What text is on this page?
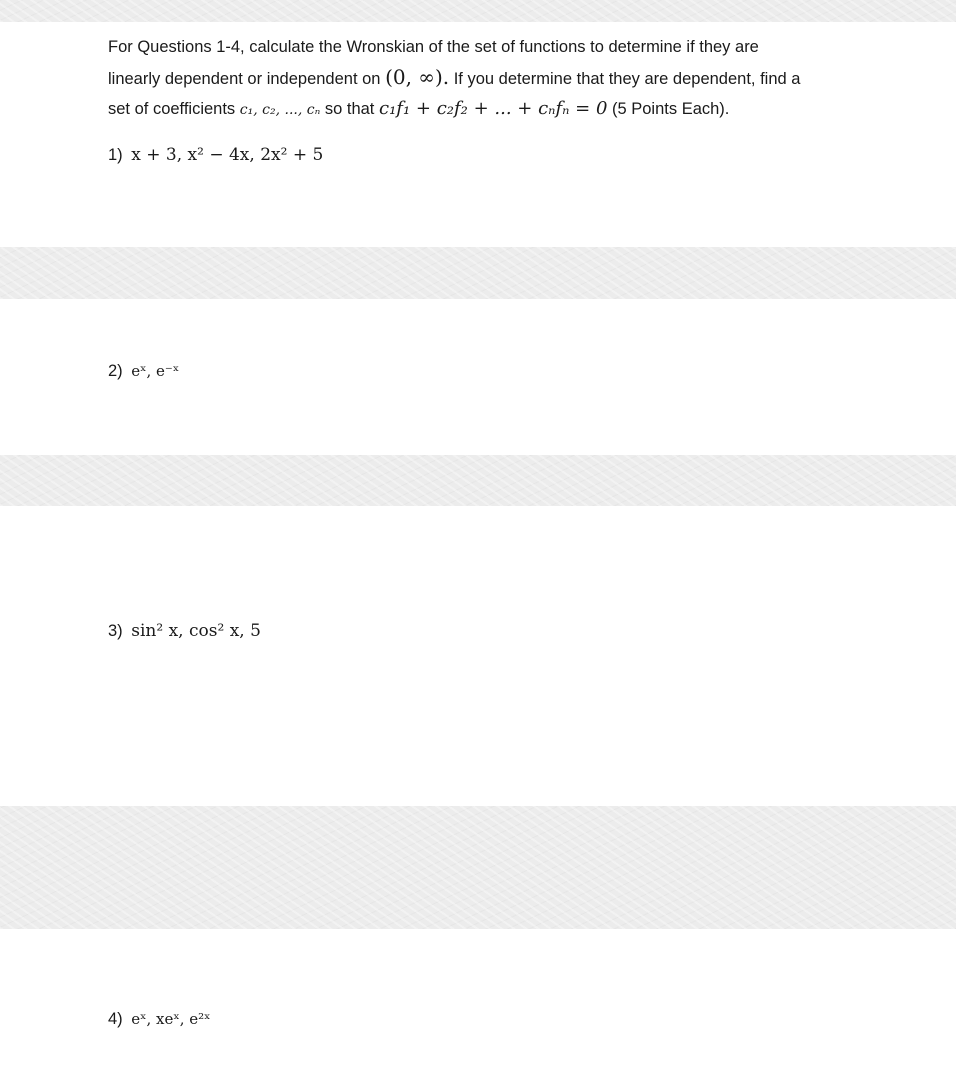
For Questions 1-4, calculate the Wronskian of the set of functions to determine if they are
linearly dependent or independent on (0, ∞). If you determine that they are dependent, find a
set of coefficients c₁, c₂, ..., cₙ so that c₁f₁ + c₂f₂ + ... + cₙfₙ = 0 (5 Points Each).

1) x + 3, x² − 4x, 2x² + 5
2) eˣ, e⁻ˣ
3) sin² x, cos² x, 5
4) eˣ, xeˣ, e²ˣ
